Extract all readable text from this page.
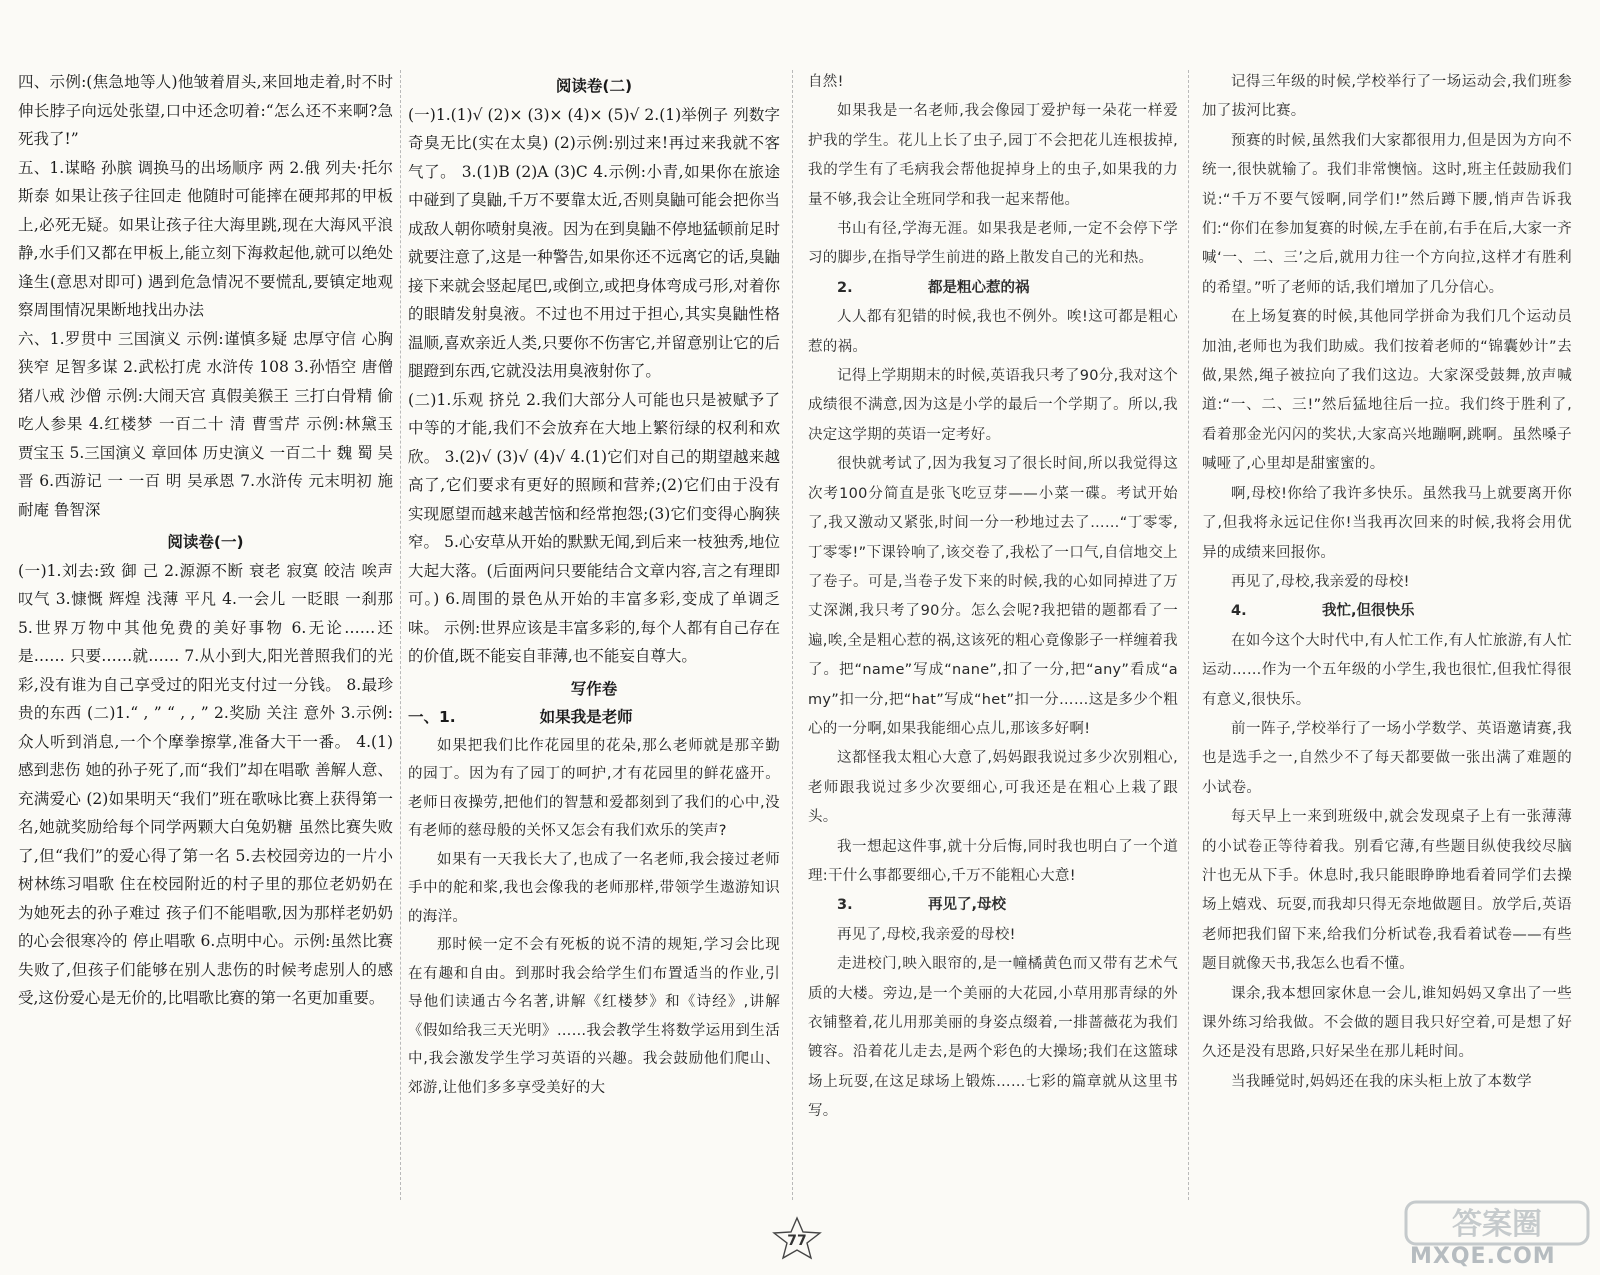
四、示例:(焦急地等人)他皱着眉头,来回地走着,时不时伸长脖子向远处张望,口中还念叨着:“怎么还不来啊?急死我了!”

五、1.谋略 孙膑 调换马的出场顺序 两 2.俄 列夫·托尔斯泰 如果让孩子往回走 他随时可能摔在硬邦邦的甲板上,必死无疑。如果让孩子往大海里跳,现在大海风平浪静,水手们又都在甲板上,能立刻下海救起他,就可以绝处逢生(意思对即可) 遇到危急情况不要慌乱,要镇定地观察周围情况果断地找出办法

六、1.罗贯中 三国演义 示例:谨慎多疑 忠厚守信 心胸狭窄 足智多谋 2.武松打虎 水浒传 108 3.孙悟空 唐僧 猪八戒 沙僧 示例:大闹天宫 真假美猴王 三打白骨精 偷吃人参果 4.红楼梦 一百二十 清 曹雪芹 示例:林黛玉 贾宝玉 5.三国演义 章回体 历史演义 一百二十 魏 蜀 吴 晋 6.西游记 一 一百 明 吴承恩 7.水浒传 元末明初 施耐庵 鲁智深

阅读卷(一)

(一)1.刘去:致 御 己 2.源源不断 衰老 寂寞 皎洁 唉声叹气 3.慷慨 辉煌 浅薄 平凡 4.一会儿 一眨眼 一刹那 5.世界万物中其他免费的美好事物 6.无论……还是…… 只要……就…… 7.从小到大,阳光普照我们的光彩,没有谁为自己享受过的阳光支付过一分钱。 8.最珍贵的东西 (二)1.“ , ” “ , , ” 2.奖励 关注 意外 3.示例:众人听到消息,一个个摩拳擦掌,准备大干一番。 4.(1)感到悲伤 她的孙子死了,而“我们”却在唱歌 善解人意、充满爱心 (2)如果明天“我们”班在歌咏比赛上获得第一名,她就奖励给每个同学两颗大白兔奶糖 虽然比赛失败了,但“我们”的爱心得了第一名 5.去校园旁边的一片小树林练习唱歌 住在校园附近的村子里的那位老奶奶在为她死去的孙子难过 孩子们不能唱歌,因为那样老奶奶的心会很寒冷的 停止唱歌 6.点明中心。示例:虽然比赛失败了,但孩子们能够在别人悲伤的时候考虑别人的感受,这份爱心是无价的,比唱歌比赛的第一名更加重要。

阅读卷(二)

(一)1.(1)√ (2)× (3)× (4)× (5)√ 2.(1)举例子 列数字 奇臭无比(实在太臭) (2)示例:别过来!再过来我就不客气了。 3.(1)B (2)A (3)C 4.示例:小青,如果你在旅途中碰到了臭鼬,千万不要靠太近,否则臭鼬可能会把你当成敌人朝你喷射臭液。因为在到臭鼬不停地猛顿前足时就要注意了,这是一种警告,如果你还不远离它的话,臭鼬接下来就会竖起尾巴,或倒立,或把身体弯成弓形,对着你的眼睛发射臭液。不过也不用过于担心,其实臭鼬性格温顺,喜欢亲近人类,只要你不伤害它,并留意别让它的后腿蹬到东西,它就没法用臭液射你了。

(二)1.乐观 挤兑 2.我们大部分人可能也只是被赋予了中等的才能,我们不会放弃在大地上繁衍绿的权利和欢欣。 3.(2)√ (3)√ (4)√ 4.(1)它们对自己的期望越来越高了,它们要求有更好的照顾和营养;(2)它们由于没有实现愿望而越来越苦恼和经常抱怨;(3)它们变得心胸狭窄。 5.心安草从开始的默默无闻,到后来一枝独秀,地位大起大落。(后面两问只要能结合文章内容,言之有理即可。) 6.周围的景色从开始的丰富多彩,变成了单调乏味。 示例:世界应该是丰富多彩的,每个人都有自己存在的价值,既不能妄自菲薄,也不能妄自尊大。

写作卷

一、1.	如果我是老师

如果把我们比作花园里的花朵,那么老师就是那辛勤的园丁。因为有了园丁的呵护,才有花园里的鲜花盛开。老师日夜操劳,把他们的智慧和爱都刻到了我们的心中,没有老师的慈母般的关怀又怎会有我们欢乐的笑声?

如果有一天我长大了,也成了一名老师,我会接过老师手中的舵和桨,我也会像我的老师那样,带领学生遨游知识的海洋。

那时候一定不会有死板的说不清的规矩,学习会比现在有趣和自由。到那时我会给学生们布置适当的作业,引导他们读通古今名著,讲解《红楼梦》和《诗经》,讲解《假如给我三天光明》……我会教学生将数学运用到生活中,我会激发学生学习英语的兴趣。我会鼓励他们爬山、郊游,让他们多多享受美好的大

自然!

如果我是一名老师,我会像园丁爱护每一朵花一样爱护我的学生。花儿上长了虫子,园丁不会把花儿连根拔掉,我的学生有了毛病我会帮他捉掉身上的虫子,如果我的力量不够,我会让全班同学和我一起来帮他。

书山有径,学海无涯。如果我是老师,一定不会停下学习的脚步,在指导学生前进的路上散发自己的光和热。

2.	都是粗心惹的祸

人人都有犯错的时候,我也不例外。唉!这可都是粗心惹的祸。

记得上学期期末的时候,英语我只考了90分,我对这个成绩很不满意,因为这是小学的最后一个学期了。所以,我决定这学期的英语一定考好。

很快就考试了,因为我复习了很长时间,所以我觉得这次考100分简直是张飞吃豆芽——小菜一碟。考试开始了,我又激动又紧张,时间一分一秒地过去了……“丁零零,丁零零!”下课铃响了,该交卷了,我松了一口气,自信地交上了卷子。可是,当卷子发下来的时候,我的心如同掉进了万丈深渊,我只考了90分。怎么会呢?我把错的题都看了一遍,唉,全是粗心惹的祸,这该死的粗心竟像影子一样缠着我了。把“name”写成“nane”,扣了一分,把“any”看成“amy”扣一分,把“hat”写成“het”扣一分……这是多少个粗心的一分啊,如果我能细心点儿,那该多好啊!

这都怪我太粗心大意了,妈妈跟我说过多少次别粗心,老师跟我说过多少次要细心,可我还是在粗心上栽了跟头。

我一想起这件事,就十分后悔,同时我也明白了一个道理:干什么事都要细心,千万不能粗心大意!

3.	再见了,母校

再见了,母校,我亲爱的母校!

走进校门,映入眼帘的,是一幢橘黄色而又带有艺术气质的大楼。旁边,是一个美丽的大花园,小草用那青绿的外衣铺整着,花儿用那美丽的身姿点缀着,一排蔷薇花为我们镀容。沿着花儿走去,是两个彩色的大操场;我们在这篮球场上玩耍,在这足球场上锻炼……七彩的篇章就从这里书写。

记得三年级的时候,学校举行了一场运动会,我们班参加了拔河比赛。

预赛的时候,虽然我们大家都很用力,但是因为方向不统一,很快就输了。我们非常懊恼。这时,班主任鼓励我们说:“千万不要气馁啊,同学们!”然后蹲下腰,悄声告诉我们:“你们在参加复赛的时候,左手在前,右手在后,大家一齐喊‘一、二、三’之后,就用力往一个方向拉,这样才有胜利的希望。”听了老师的话,我们增加了几分信心。

在上场复赛的时候,其他同学拼命为我们几个运动员加油,老师也为我们助威。我们按着老师的“锦囊妙计”去做,果然,绳子被拉向了我们这边。大家深受鼓舞,放声喊道:“一、二、三!”然后猛地往后一拉。我们终于胜利了,看着那金光闪闪的奖状,大家高兴地蹦啊,跳啊。虽然嗓子喊哑了,心里却是甜蜜蜜的。

啊,母校!你给了我许多快乐。虽然我马上就要离开你了,但我将永远记住你!当我再次回来的时候,我将会用优异的成绩来回报你。

再见了,母校,我亲爱的母校!

4.	我忙,但很快乐

在如今这个大时代中,有人忙工作,有人忙旅游,有人忙运动……作为一个五年级的小学生,我也很忙,但我忙得很有意义,很快乐。

前一阵子,学校举行了一场小学数学、英语邀请赛,我也是选手之一,自然少不了每天都要做一张出满了难题的小试卷。

每天早上一来到班级中,就会发现桌子上有一张薄薄的小试卷正等待着我。别看它薄,有些题目纵使我绞尽脑汁也无从下手。休息时,我只能眼睁睁地看着同学们去操场上嬉戏、玩耍,而我却只得无奈地做题目。放学后,英语老师把我们留下来,给我们分析试卷,我看着试卷——有些题目就像天书,我怎么也看不懂。

课余,我本想回家休息一会儿,谁知妈妈又拿出了一些课外练习给我做。不会做的题目我只好空着,可是想了好久还是没有思路,只好呆坐在那儿耗时间。

当我睡觉时,妈妈还在我的床头柜上放了本数学

77	答案圈
MXQE.COM
